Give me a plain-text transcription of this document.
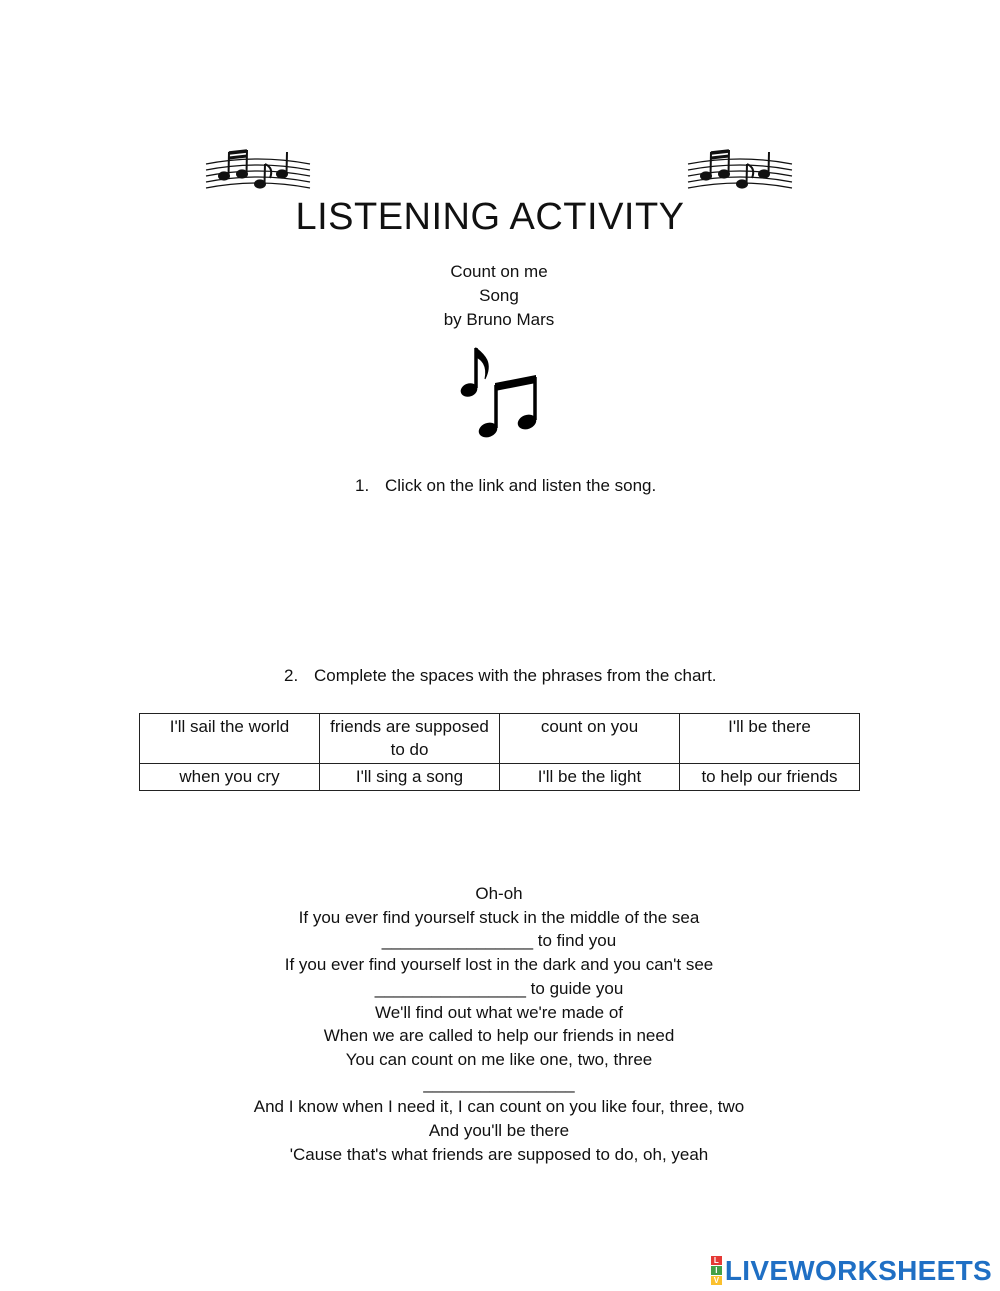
LISTENING ACTIVITY
Count on me
Song
by Bruno Mars
1. Click on the link and listen the song.
2. Complete the spaces with the phrases from the chart.
I'll sail the world	friends are supposed to do	count on you	I'll be there
when you cry	I'll sing a song	I'll be the light	to help our friends
Oh-oh
If you ever find yourself stuck in the middle of the sea
________________ to find you
If you ever find yourself lost in the dark and you can't see
________________ to guide you
We'll find out what we're made of
When we are called to help our friends in need
You can count on me like one, two, three
________________
And I know when I need it, I can count on you like four, three, two
And you'll be there
'Cause that's what friends are supposed to do, oh, yeah
L
I
V LIVEWORKSHEETS
